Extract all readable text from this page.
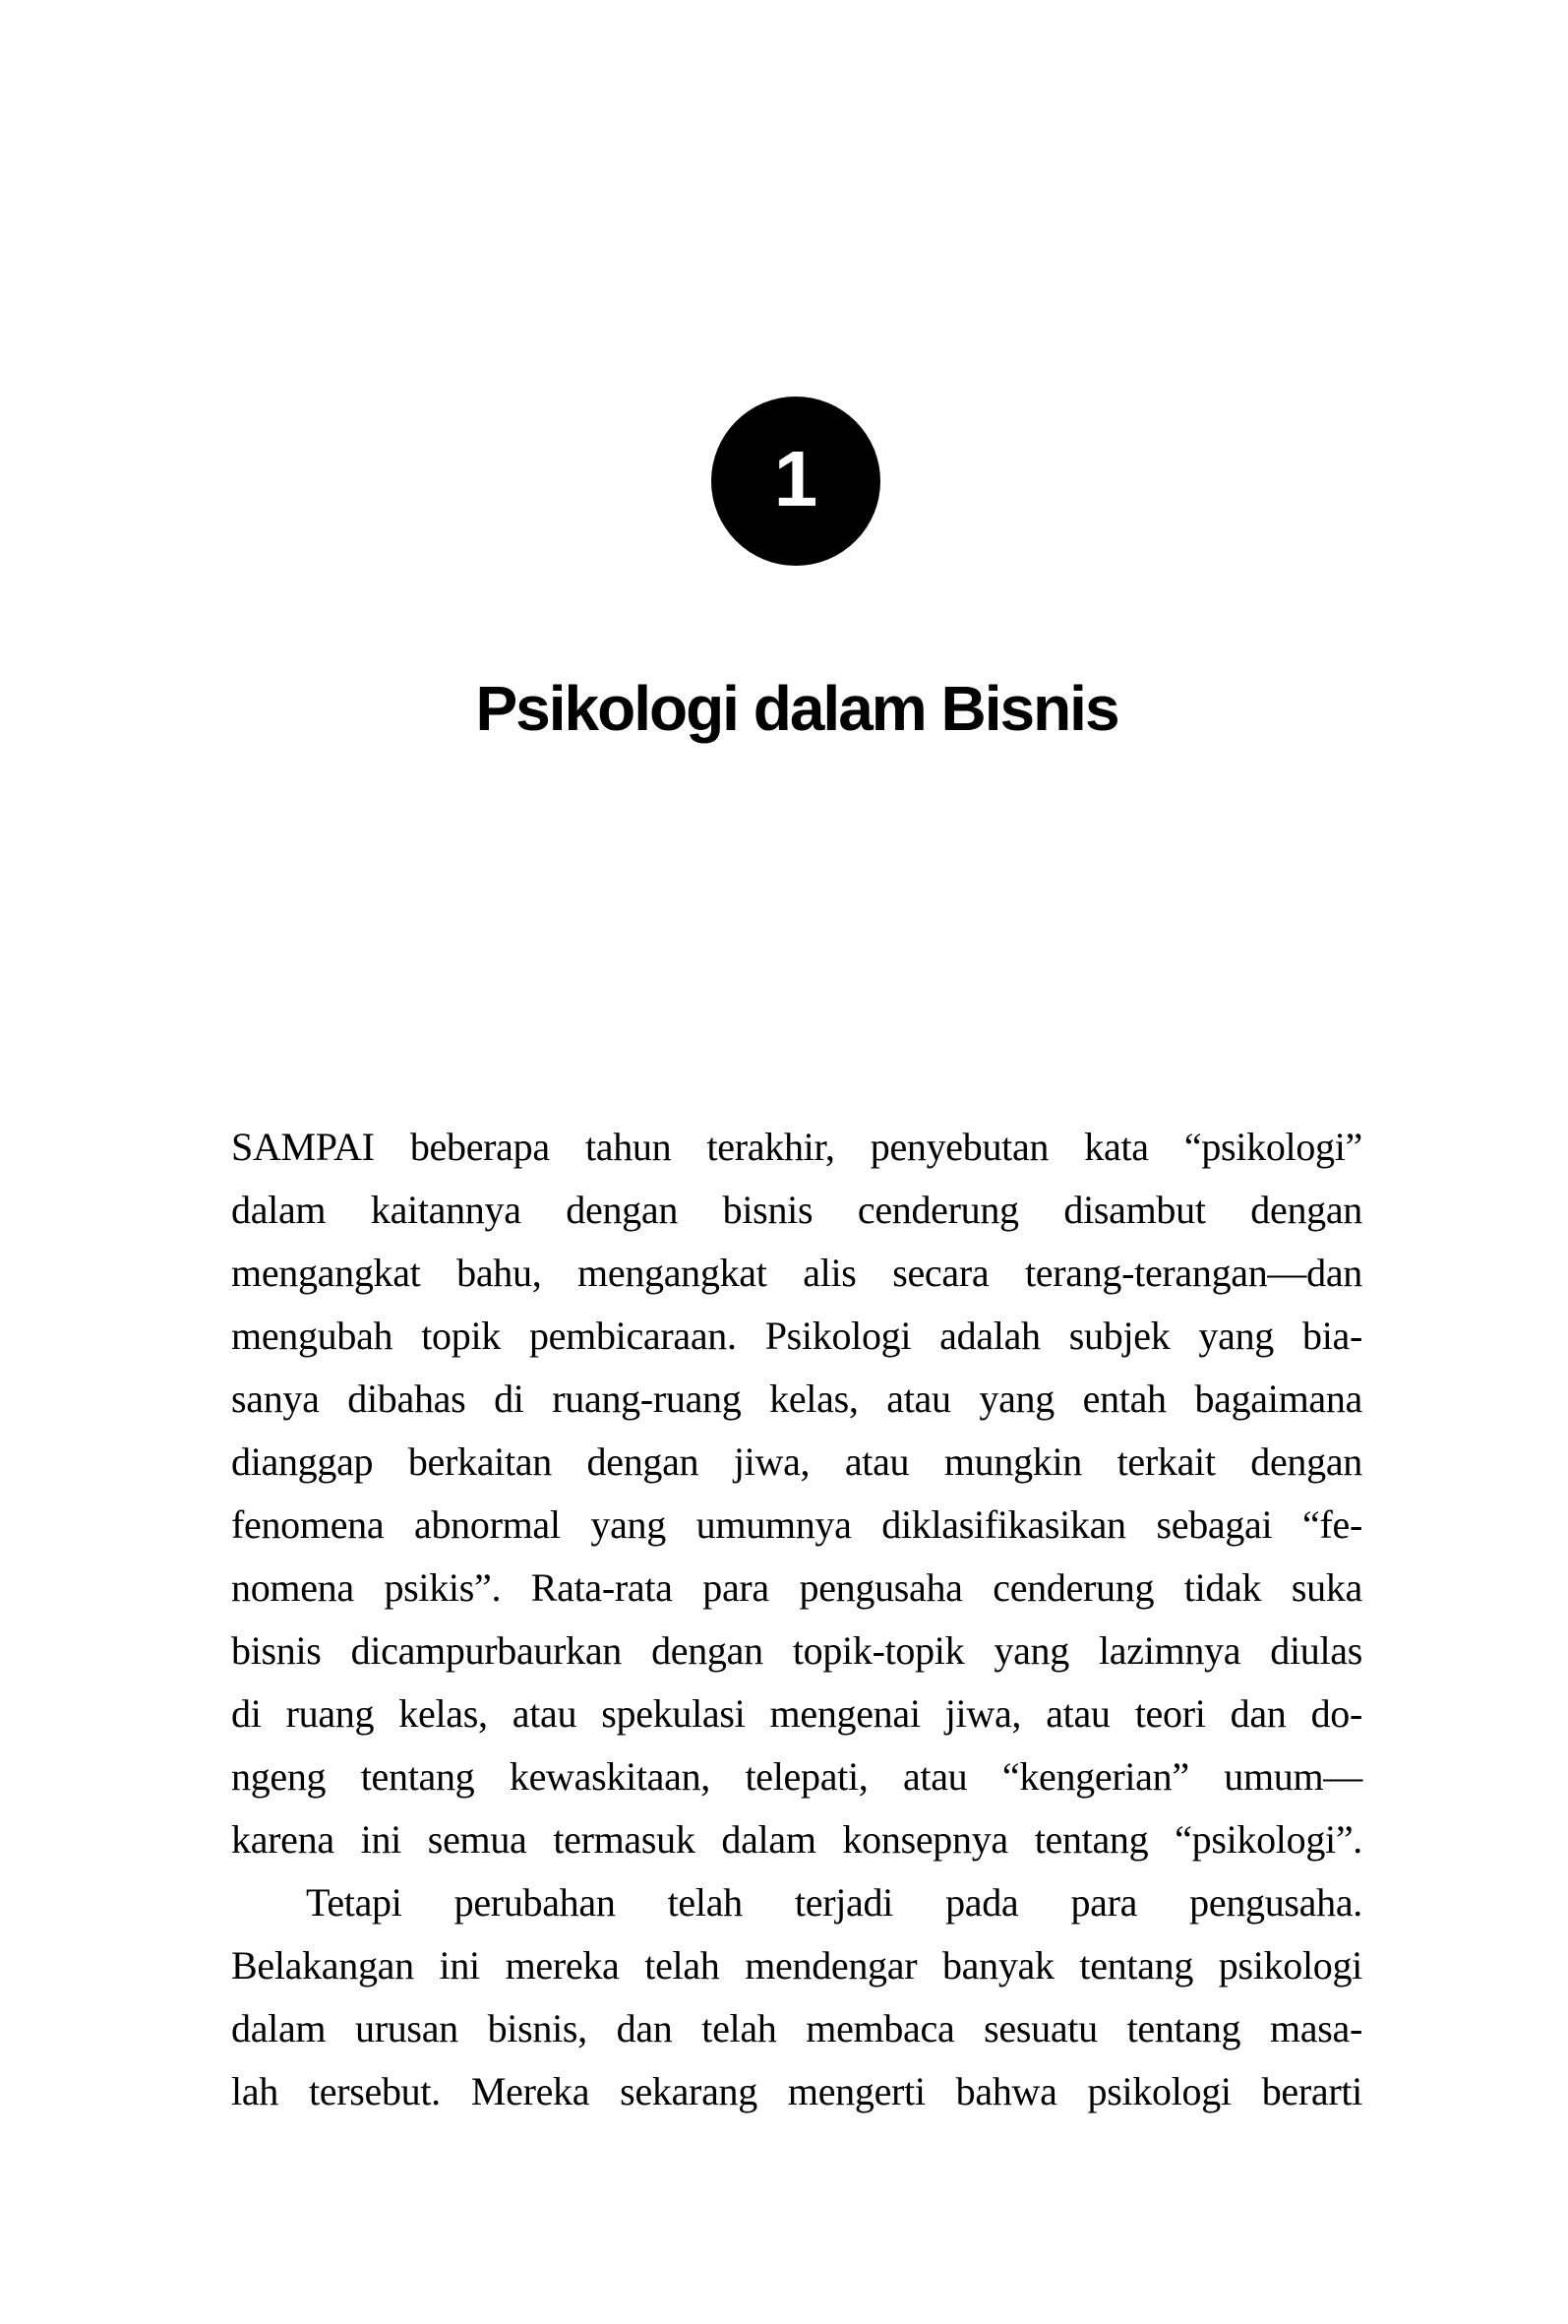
1
Psikologi dalam Bisnis
SAMPAI beberapa tahun terakhir, penyebutan kata “psikologi”
dalam kaitannya dengan bisnis cenderung disambut dengan
mengangkat bahu, mengangkat alis secara terang-terangan—dan
mengubah topik pembicaraan. Psikologi adalah subjek yang bia-
sanya dibahas di ruang-ruang kelas, atau yang entah bagaimana
dianggap berkaitan dengan jiwa, atau mungkin terkait dengan
fenomena abnormal yang umumnya diklasifikasikan sebagai “fe-
nomena psikis”. Rata-rata para pengusaha cenderung tidak suka
bisnis dicampurbaurkan dengan topik-topik yang lazimnya diulas
di ruang kelas, atau spekulasi mengenai jiwa, atau teori dan do-
ngeng tentang kewaskitaan, telepati, atau “kengerian” umum—
karena ini semua termasuk dalam konsepnya tentang “psikologi”.
Tetapi perubahan telah terjadi pada para pengusaha.
Belakangan ini mereka telah mendengar banyak tentang psikologi
dalam urusan bisnis, dan telah membaca sesuatu tentang masa-
lah tersebut. Mereka sekarang mengerti bahwa psikologi berarti
